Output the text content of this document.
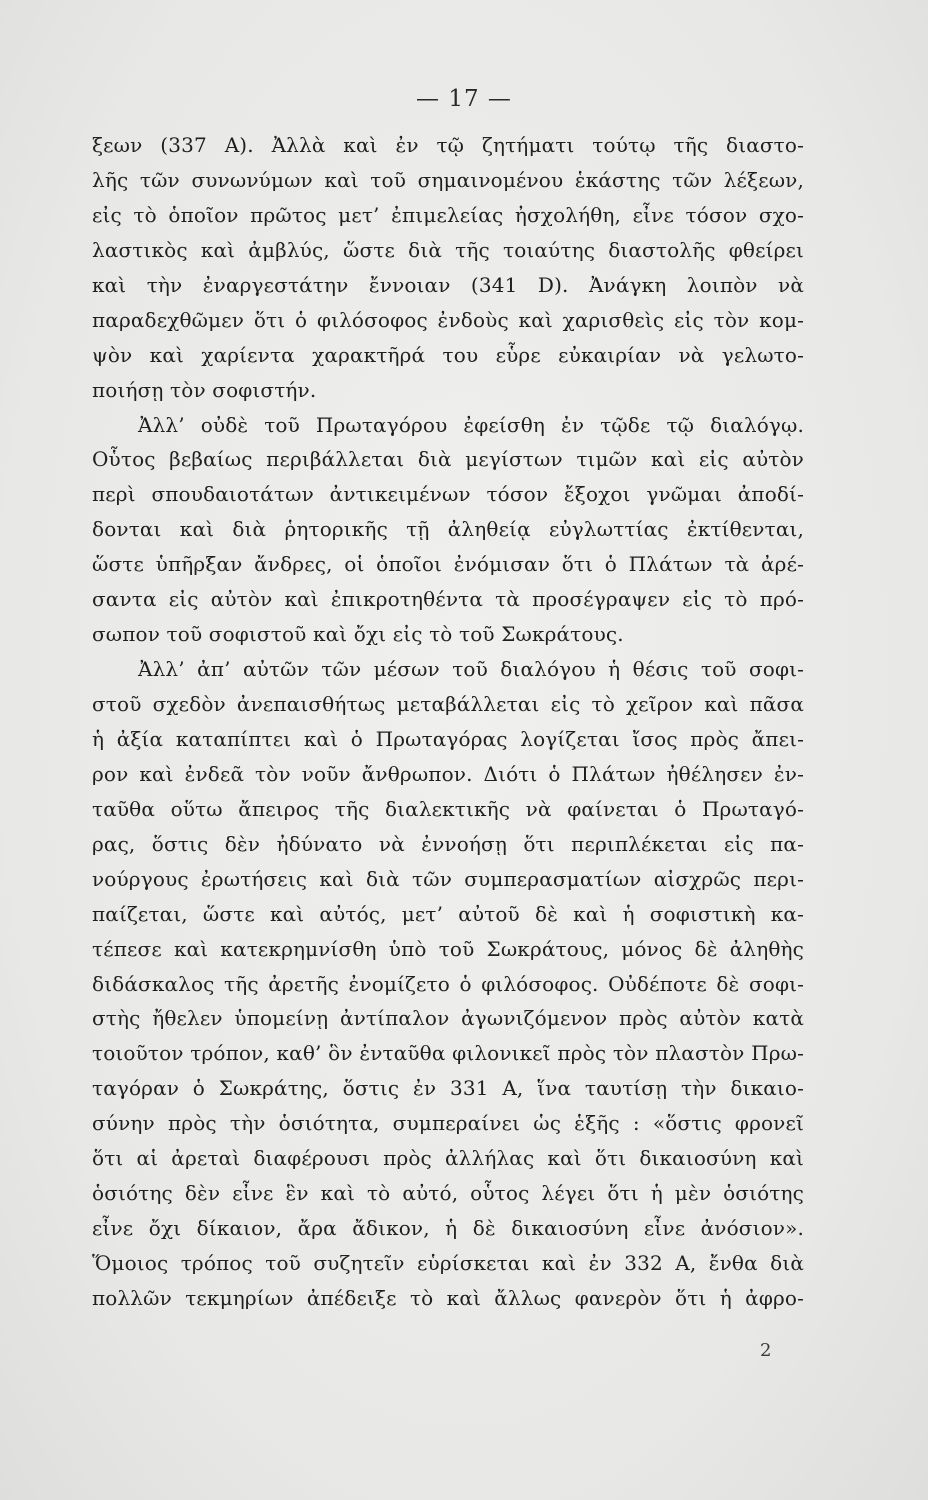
— 17 —
ξεων (337 Α). Ἀλλὰ καὶ ἐν τῷ ζητήματι τούτῳ τῆς διαστο-
λῆς τῶν συνωνύμων καὶ τοῦ σημαινομένου ἑκάστης τῶν λέξεων,
εἰς τὸ ὁποῖον πρῶτος μετ’ ἐπιμελείας ἠσχολήθη, εἶνε τόσον σχο-
λαστικὸς καὶ ἀμβλύς, ὥστε διὰ τῆς τοιαύτης διαστολῆς φθείρει
καὶ τὴν ἐναργεστάτην ἔννοιαν (341 D). Ἀνάγκη λοιπὸν νὰ
παραδεχθῶμεν ὅτι ὁ φιλόσοφος ἐνδοὺς καὶ χαρισθεὶς εἰς τὸν κομ-
ψὸν καὶ χαρίεντα χαρακτῆρά του εὗρε εὐκαιρίαν νὰ γελωτο-
ποιήσῃ τὸν σοφιστήν.
Ἀλλ’ οὐδὲ τοῦ Πρωταγόρου ἐφείσθη ἐν τῷδε τῷ διαλόγῳ.
Οὗτος βεβαίως περιβάλλεται διὰ μεγίστων τιμῶν καὶ εἰς αὐτὸν
περὶ σπουδαιοτάτων ἀντικειμένων τόσον ἔξοχοι γνῶμαι ἀποδί-
δονται καὶ διὰ ῥητορικῆς τῇ ἀληθείᾳ εὐγλωττίας ἐκτίθενται,
ὥστε ὑπῆρξαν ἄνδρες, οἱ ὁποῖοι ἐνόμισαν ὅτι ὁ Πλάτων τὰ ἀρέ-
σαντα εἰς αὐτὸν καὶ ἐπικροτηθέντα τὰ προσέγραψεν εἰς τὸ πρό-
σωπον τοῦ σοφιστοῦ καὶ ὄχι εἰς τὸ τοῦ Σωκράτους.
Ἀλλ’ ἀπ’ αὐτῶν τῶν μέσων τοῦ διαλόγου ἡ θέσις τοῦ σοφι-
στοῦ σχεδὸν ἀνεπαισθήτως μεταβάλλεται εἰς τὸ χεῖρον καὶ πᾶσα
ἡ ἀξία καταπίπτει καὶ ὁ Πρωταγόρας λογίζεται ἴσος πρὸς ἄπει-
ρον καὶ ἐνδεᾶ τὸν νοῦν ἄνθρωπον. Διότι ὁ Πλάτων ἠθέλησεν ἐν-
ταῦθα οὕτω ἄπειρος τῆς διαλεκτικῆς νὰ φαίνεται ὁ Πρωταγό-
ρας, ὅστις δὲν ἠδύνατο νὰ ἐννοήσῃ ὅτι περιπλέκεται εἰς πα-
νούργους ἐρωτήσεις καὶ διὰ τῶν συμπερασματίων αἰσχρῶς περι-
παίζεται, ὥστε καὶ αὐτός, μετ’ αὐτοῦ δὲ καὶ ἡ σοφιστικὴ κα-
τέπεσε καὶ κατεκρημνίσθη ὑπὸ τοῦ Σωκράτους, μόνος δὲ ἀληθὴς
διδάσκαλος τῆς ἀρετῆς ἐνομίζετο ὁ φιλόσοφος. Οὐδέποτε δὲ σοφι-
στὴς ἤθελεν ὑπομείνῃ ἀντίπαλον ἀγωνιζόμενον πρὸς αὐτὸν κατὰ
τοιοῦτον τρόπον, καθ’ ὃν ἐνταῦθα φιλονικεῖ πρὸς τὸν πλαστὸν Πρω-
ταγόραν ὁ Σωκράτης, ὅστις ἐν 331 Α, ἵνα ταυτίσῃ τὴν δικαιο-
σύνην πρὸς τὴν ὁσιότητα, συμπεραίνει ὡς ἑξῆς : «ὅστις φρονεῖ
ὅτι αἱ ἀρεταὶ διαφέρουσι πρὸς ἀλλήλας καὶ ὅτι δικαιοσύνη καὶ
ὁσιότης δὲν εἶνε ἓν καὶ τὸ αὐτό, οὗτος λέγει ὅτι ἡ μὲν ὁσιότης
εἶνε ὄχι δίκαιον, ἄρα ἄδικον, ἡ δὲ δικαιοσύνη εἶνε ἀνόσιον».
Ὅμοιος τρόπος τοῦ συζητεῖν εὑρίσκεται καὶ ἐν 332 Α, ἔνθα διὰ
πολλῶν τεκμηρίων ἀπέδειξε τὸ καὶ ἄλλως φανερὸν ὅτι ἡ ἀφρο-
2
